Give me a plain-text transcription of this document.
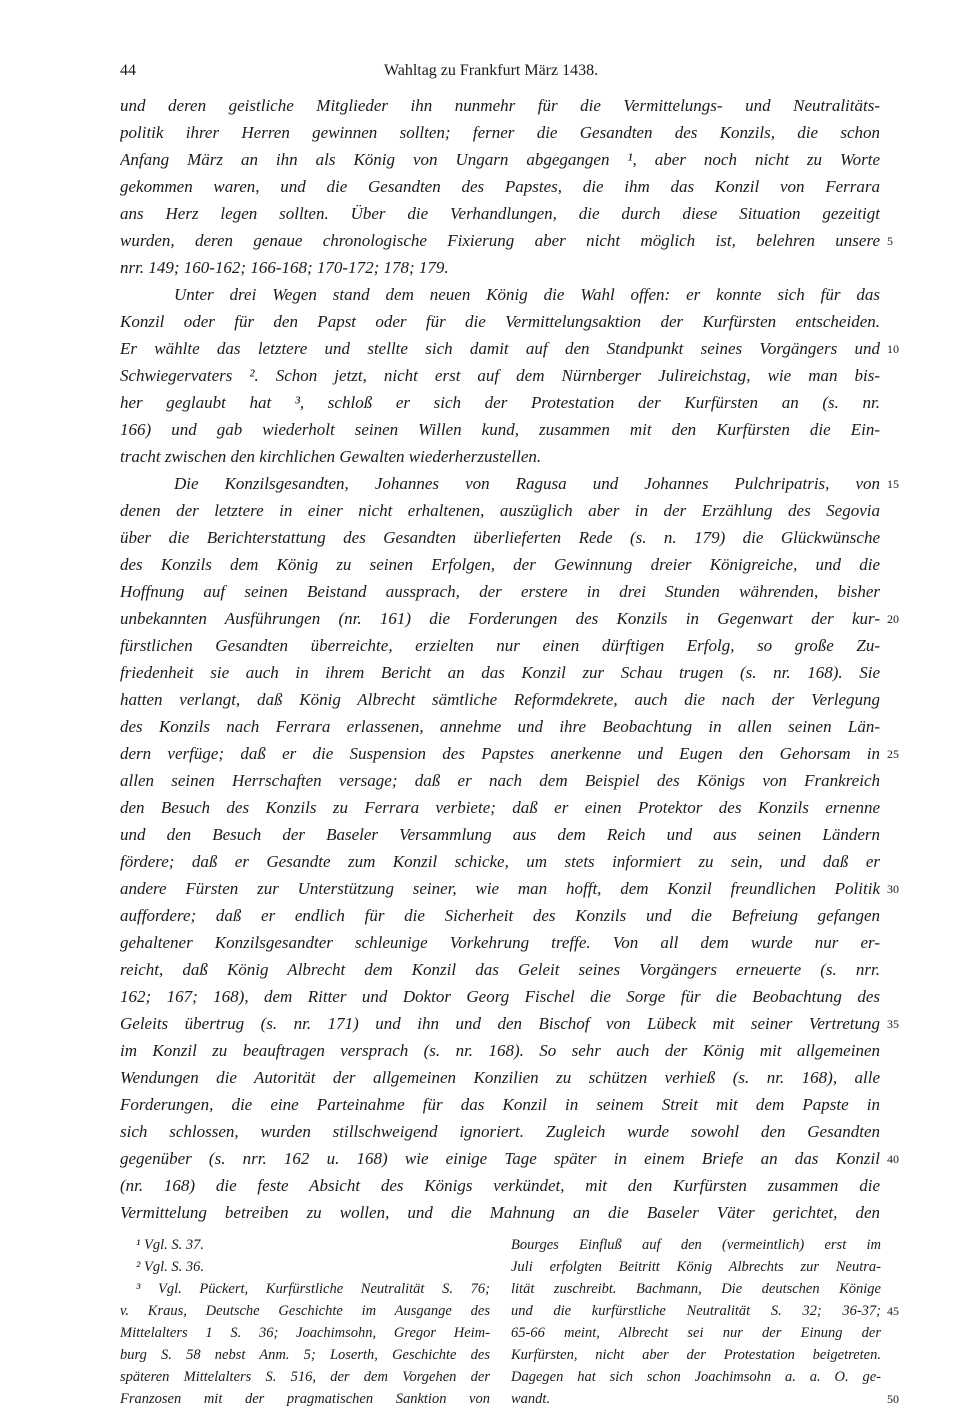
44	Wahltag zu Frankfurt März 1438.
und deren geistliche Mitglieder ihn nunmehr für die Vermittelungs- und Neutralitäts-
politik ihrer Herren gewinnen sollten; ferner die Gesandten des Konzils, die schon
Anfang März an ihn als König von Ungarn abgegangen ¹, aber noch nicht zu Worte
gekommen waren, und die Gesandten des Papstes, die ihm das Konzil von Ferrara
ans Herz legen sollten. Über die Verhandlungen, die durch diese Situation gezeitigt
wurden, deren genaue chronologische Fixierung aber nicht möglich ist, belehren unsere
nrr. 149; 160-162; 166-168; 170-172; 178; 179.
Unter drei Wegen stand dem neuen König die Wahl offen: er konnte sich für das
Konzil oder für den Papst oder für die Vermittelungsaktion der Kurfürsten entscheiden.
Er wählte das letztere und stellte sich damit auf den Standpunkt seines Vorgängers und
Schwiegervaters ². Schon jetzt, nicht erst auf dem Nürnberger Julireichstag, wie man bis-
her geglaubt hat ³, schloß er sich der Protestation der Kurfürsten an (s. nr.
166) und gab wiederholt seinen Willen kund, zusammen mit den Kurfürsten die Ein-
tracht zwischen den kirchlichen Gewalten wiederherzustellen.
Die Konzilsgesandten, Johannes von Ragusa und Johannes Pulchripatris, von
denen der letztere in einer nicht erhaltenen, auszüglich aber in der Erzählung des Segovia
über die Berichterstattung des Gesandten überlieferten Rede (s. n. 179) die Glückwünsche
des Konzils dem König zu seinen Erfolgen, der Gewinnung dreier Königreiche, und die
Hoffnung auf seinen Beistand aussprach, der erstere in drei Stunden währenden, bisher
unbekannten Ausführungen (nr. 161) die Forderungen des Konzils in Gegenwart der kur-
fürstlichen Gesandten überreichte, erzielten nur einen dürftigen Erfolg, so große Zu-
friedenheit sie auch in ihrem Bericht an das Konzil zur Schau trugen (s. nr. 168). Sie
hatten verlangt, daß König Albrecht sämtliche Reformdekrete, auch die nach der Verlegung
des Konzils nach Ferrara erlassenen, annehme und ihre Beobachtung in allen seinen Län-
dern verfüge; daß er die Suspension des Papstes anerkenne und Eugen den Gehorsam in
allen seinen Herrschaften versage; daß er nach dem Beispiel des Königs von Frankreich
den Besuch des Konzils zu Ferrara verbiete; daß er einen Protektor des Konzils ernenne
und den Besuch der Baseler Versammlung aus dem Reich und aus seinen Ländern
fördere; daß er Gesandte zum Konzil schicke, um stets informiert zu sein, und daß er
andere Fürsten zur Unterstützung seiner, wie man hofft, dem Konzil freundlichen Politik
auffordere; daß er endlich für die Sicherheit des Konzils und die Befreiung gefangen
gehaltener Konzilsgesandter schleunige Vorkehrung treffe. Von all dem wurde nur er-
reicht, daß König Albrecht dem Konzil das Geleit seines Vorgängers erneuerte (s. nrr.
162; 167; 168), dem Ritter und Doktor Georg Fischel die Sorge für die Beobachtung des
Geleits übertrug (s. nr. 171) und ihn und den Bischof von Lübeck mit seiner Vertretung
im Konzil zu beauftragen versprach (s. nr. 168). So sehr auch der König mit allgemeinen
Wendungen die Autorität der allgemeinen Konzilien zu schützen verhieß (s. nr. 168), alle
Forderungen, die eine Parteinahme für das Konzil in seinem Streit mit dem Papste in
sich schlossen, wurden stillschweigend ignoriert. Zugleich wurde sowohl den Gesandten
gegenüber (s. nrr. 162 u. 168) wie einige Tage später in einem Briefe an das Konzil
(nr. 168) die feste Absicht des Königs verkündet, mit den Kurfürsten zusammen die
Vermittelung betreiben zu wollen, und die Mahnung an die Baseler Väter gerichtet, den
5
10
15
20
25
30
35
40
¹ Vgl. S. 37.
² Vgl. S. 36.
³ Vgl. Pückert, Kurfürstliche Neutralität S. 76;
v. Kraus, Deutsche Geschichte im Ausgange des
Mittelalters 1 S. 36; Joachimsohn, Gregor Heim-
burg S. 58 nebst Anm. 5; Loserth, Geschichte des
späteren Mittelalters S. 516, der dem Vorgehen der
Franzosen mit der pragmatischen Sanktion von
Bourges Einfluß auf den (vermeintlich) erst im
Juli erfolgten Beitritt König Albrechts zur Neutra-
lität zuschreibt. Bachmann, Die deutschen Könige
und die kurfürstliche Neutralität S. 32; 36-37;
65-66 meint, Albrecht sei nur der Einung der
Kurfürsten, nicht aber der Protestation beigetreten.
Dagegen hat sich schon Joachimsohn a. a. O. ge-
wandt.
45
50
